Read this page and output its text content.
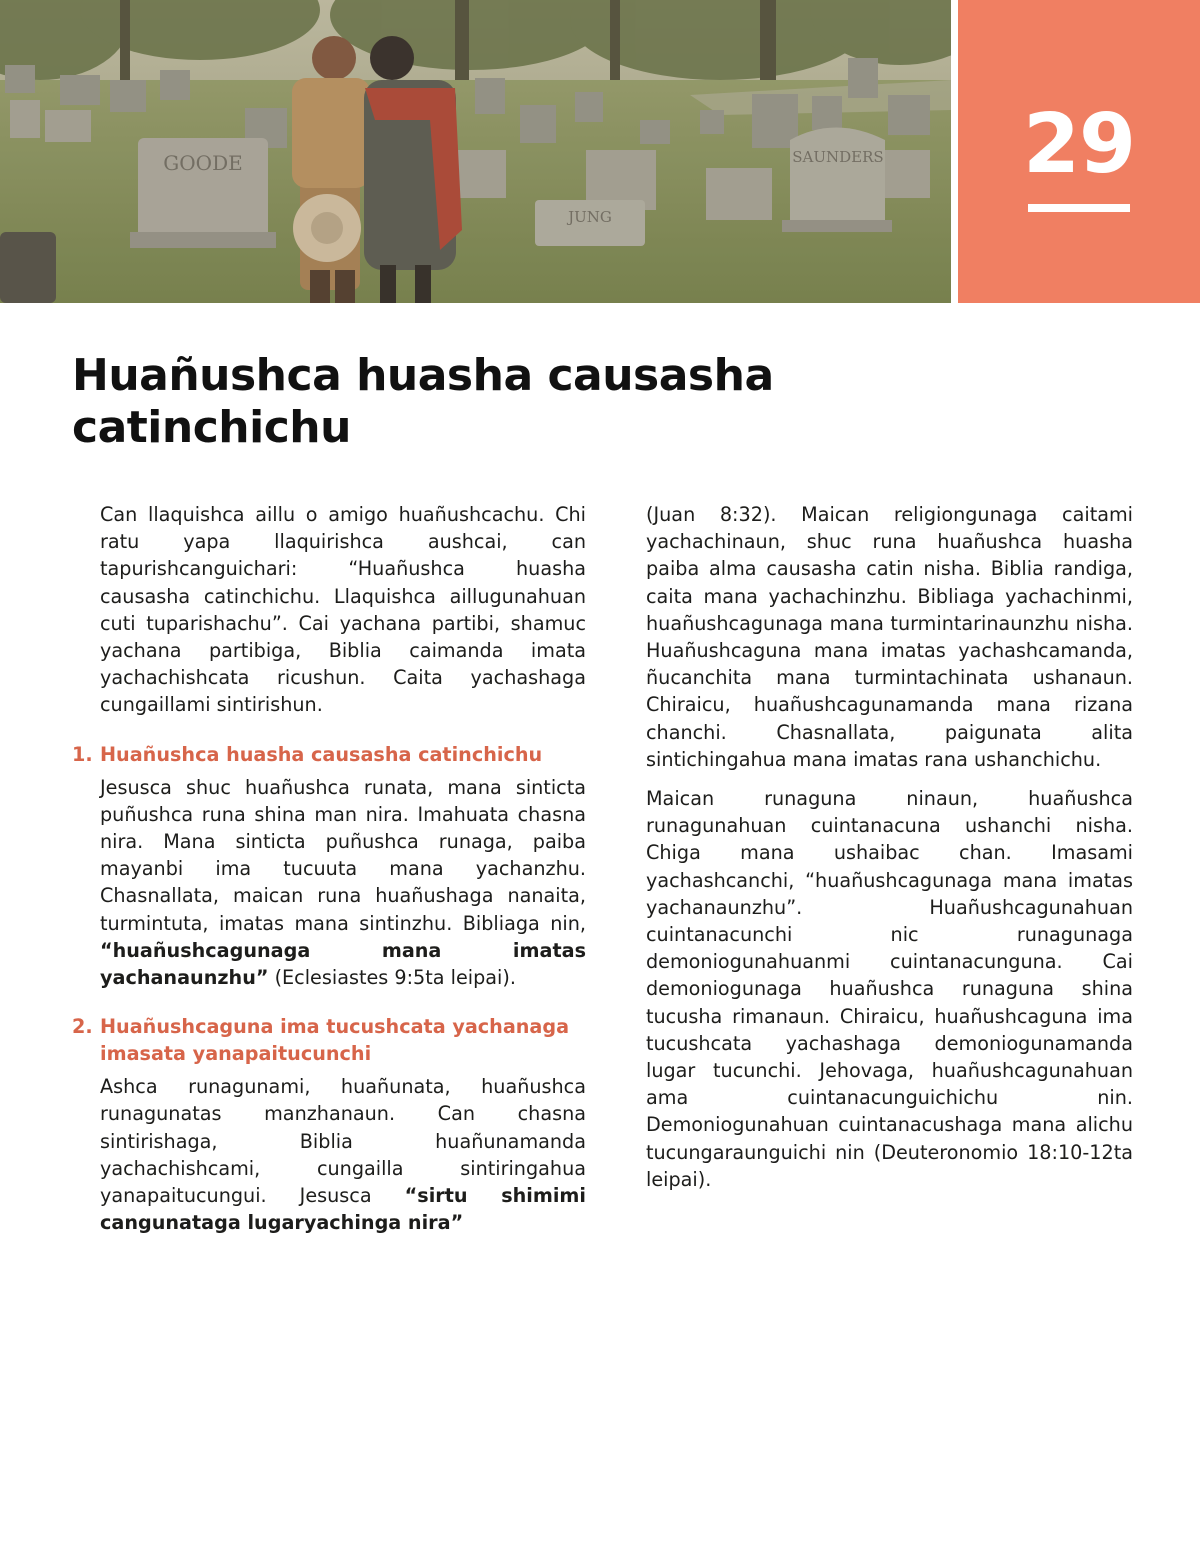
GOODE
JUNG
SAUNDERS	29
Huañushca huasha causasha catinchichu

Can llaquishca aillu o amigo huañushcachu. Chi ratu yapa llaquirishca aushcai, can tapurishcanguichari: “Huañushca huasha causasha catinchichu. Llaquishca aillugunahuan cuti tuparishachu”. Cai yachana partibi, shamuc yachana partibiga, Biblia caimanda imata yachachishcata ricushun. Caita yachashaga cungaillami sintirishun.

1. Huañushca huasha causasha catinchichu

Jesusca shuc huañushca runata, mana sinticta puñushca runa shina man nira. Imahuata chasna nira. Mana sinticta puñushca runaga, paiba mayanbi ima tucuuta mana yachanzhu. Chasnallata, maican runa huañushaga nanaita, turmintuta, imatas mana sintinzhu. Bibliaga nin, “huañushcagunaga mana imatas yachanaunzhu” (Eclesiastes 9:5ta leipai).

2. Huañushcaguna ima tucushcata yachanaga imasata yanapaitucunchi

Ashca runagunami, huañunata, huañushca runagunatas manzhanaun. Can chasna sintirishaga, Biblia huañunamanda yachachishcami, cungailla sintiringahua yanapaitucungui. Jesusca “sirtu shimimi cangunataga lugaryachinga nira”

(Juan 8:32). Maican religiongunaga caitami yachachinaun, shuc runa huañushca huasha paiba alma causasha catin nisha. Biblia randiga, caita mana yachachinzhu. Bibliaga yachachinmi, huañushcagunaga mana turmintarinaunzhu nisha. Huañushcaguna mana imatas yachashcamanda, ñucanchita mana turmintachinata ushanaun. Chiraicu, huañushcagunamanda mana rizana chanchi. Chasnallata, paigunata alita sintichingahua mana imatas rana ushanchichu.

Maican runaguna ninaun, huañushca runagunahuan cuintanacuna ushanchi nisha. Chiga mana ushaibac chan. Imasami yachashcanchi, “huañushcagunaga mana imatas yachanaunzhu”. Huañushcagunahuan cuintanacunchi nic runagunaga demoniogunahuanmi cuintanacunguna. Cai demoniogunaga huañushca runaguna shina tucusha rimanaun. Chiraicu, huañushcaguna ima tucushcata yachashaga demoniogunamanda lugar tucunchi. Jehovaga, huañushcagunahuan ama cuintanacunguichichu nin. Demoniogunahuan cuintanacushaga mana alichu tucungaraunguichi nin (Deuteronomio 18:10-12ta leipai).
